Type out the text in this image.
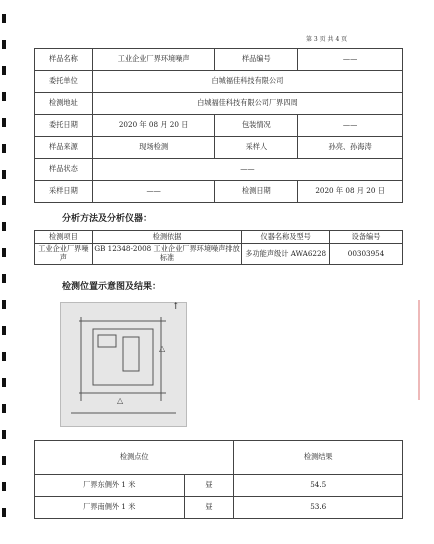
第 3 页 共 4 页
样品名称	工业企业厂界环境噪声	样品编号	——
委托单位	白城福佳科技有限公司		
检测地址	白城福佳科技有限公司厂界四周		
委托日期	2020 年 08 月 20 日	包装情况	——
样品来源	现场检测	采样人	孙亮、孙海涛
样品状态	——		
采样日期	——	检测日期	2020 年 08 月 20 日
分析方法及分析仪器：
检测项目	检测依据	仪器名称及型号	设备编号
工业企业厂界噪声	GB 12348-2008 工业企业厂界环境噪声排放标准	多功能声级计 AWA6228	00303954
检测位置示意图及结果：
△
△
↑
检测点位		检测结果
厂界东侧外 1 米	昼	54.5
厂界南侧外 1 米	昼	53.6
